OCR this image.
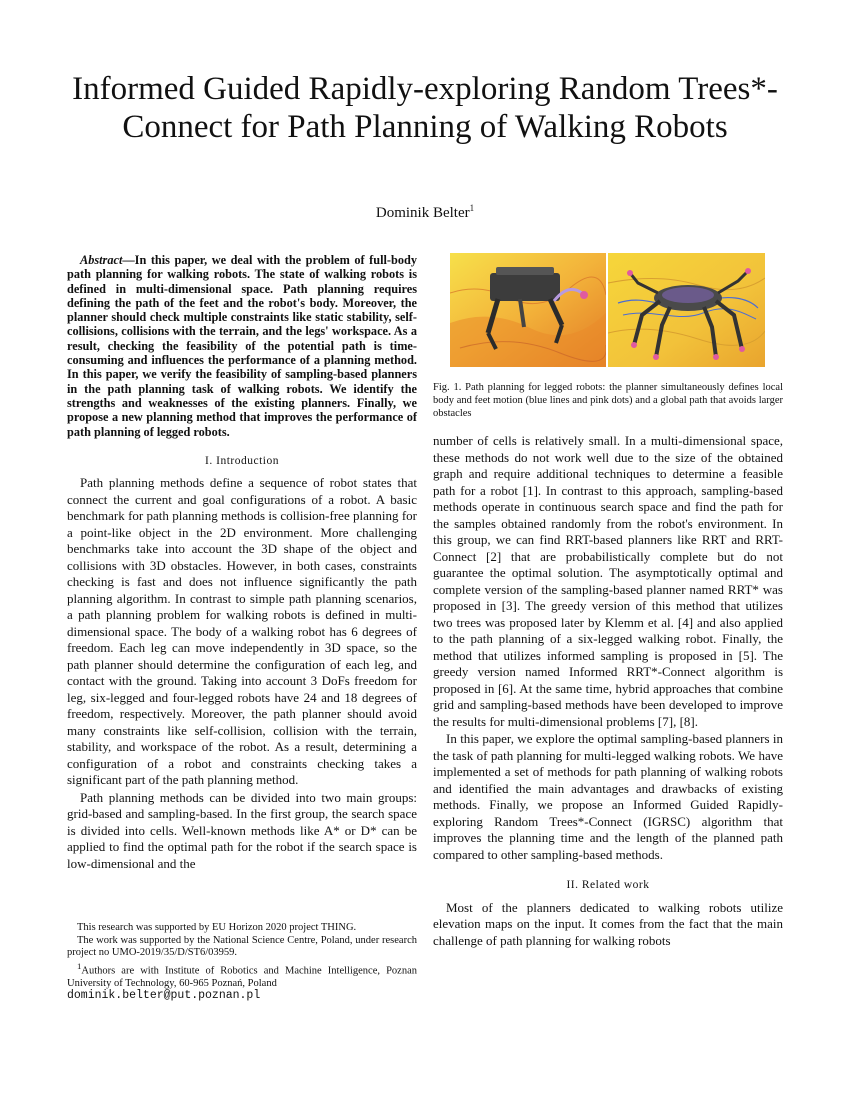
Informed Guided Rapidly-exploring Random Trees*-Connect for Path Planning of Walking Robots
Dominik Belter$^1$

Abstract—In this paper, we deal with the problem of full-body path planning for walking robots. The state of walking robots is defined in multi-dimensional space. Path planning requires defining the path of the feet and the robot's body. Moreover, the planner should check multiple constraints like static stability, self-collisions, collisions with the terrain, and the legs' workspace. As a result, checking the feasibility of the potential path is time-consuming and influences the performance of a planning method. In this paper, we verify the feasibility of sampling-based planners in the path planning task of walking robots. We identify the strengths and weaknesses of the existing planners. Finally, we propose a new planning method that improves the performance of path planning of legged robots.

I. Introduction

Path planning methods define a sequence of robot states that connect the current and goal configurations of a robot. A basic benchmark for path planning methods is collision-free planning for a point-like object in the 2D environment. More challenging benchmarks take into account the 3D shape of the object and collisions with 3D obstacles. However, in both cases, constraints checking is fast and does not influence significantly the path planning algorithm. In contrast to simple path planning scenarios, a path planning problem for walking robots is defined in multi-dimensional space. The body of a walking robot has 6 degrees of freedom. Each leg can move independently in 3D space, so the path planner should determine the configuration of each leg, and contact with the ground. Taking into account 3 DoFs freedom for leg, six-legged and four-legged robots have 24 and 18 degrees of freedom, respectively. Moreover, the path planner should avoid many constraints like self-collision, collision with the terrain, stability, and workspace of the robot. As a result, determining a configuration of a robot and constraints checking takes a significant part of the path planning method.

Path planning methods can be divided into two main groups: grid-based and sampling-based. In the first group, the search space is divided into cells. Well-known methods like A* or D* can be applied to find the optimal path for the robot if the search space is low-dimensional and the

Fig. 1. Path planning for legged robots: the planner simultaneously defines local body and feet motion (blue lines and pink dots) and a global path that avoids larger obstacles

number of cells is relatively small. In a multi-dimensional space, these methods do not work well due to the size of the obtained graph and require additional techniques to determine a feasible path for a robot [1]. In contrast to this approach, sampling-based methods operate in continuous search space and find the path for the samples obtained randomly from the robot's environment. In this group, we can find RRT-based planners like RRT and RRT-Connect [2] that are probabilistically complete but do not guarantee the optimal solution. The asymptotically optimal and complete version of the sampling-based planner named RRT* was proposed in [3]. The greedy version of this method that utilizes two trees was proposed later by Klemm et al. [4] and also applied to the path planning of a six-legged walking robot. Finally, the method that utilizes informed sampling is proposed in [5]. The greedy version named Informed RRT*-Connect algorithm is proposed in [6]. At the same time, hybrid approaches that combine grid and sampling-based methods have been developed to improve the results for multi-dimensional problems [7], [8].

In this paper, we explore the optimal sampling-based planners in the task of path planning for multi-legged walking robots. We have implemented a set of methods for path planning of walking robots and identified the main advantages and drawbacks of existing methods. Finally, we propose an Informed Guided Rapidly-exploring Random Trees*-Connect (IGRSC) algorithm that improves the planning time and the length of the planned path compared to other sampling-based methods.

II. Related work

Most of the planners dedicated to walking robots utilize elevation maps on the input. It comes from the fact that the main challenge of path planning for walking robots

This research was supported by EU Horizon 2020 project THING.

The work was supported by the National Science Centre, Poland, under research project no UMO-2019/35/D/ST6/03959.

$^1$Authors are with Institute of Robotics and Machine Intelligence, Poznan University of Technology, 60-965 Poznań, Poland

dominik.belter@put.poznan.pl
